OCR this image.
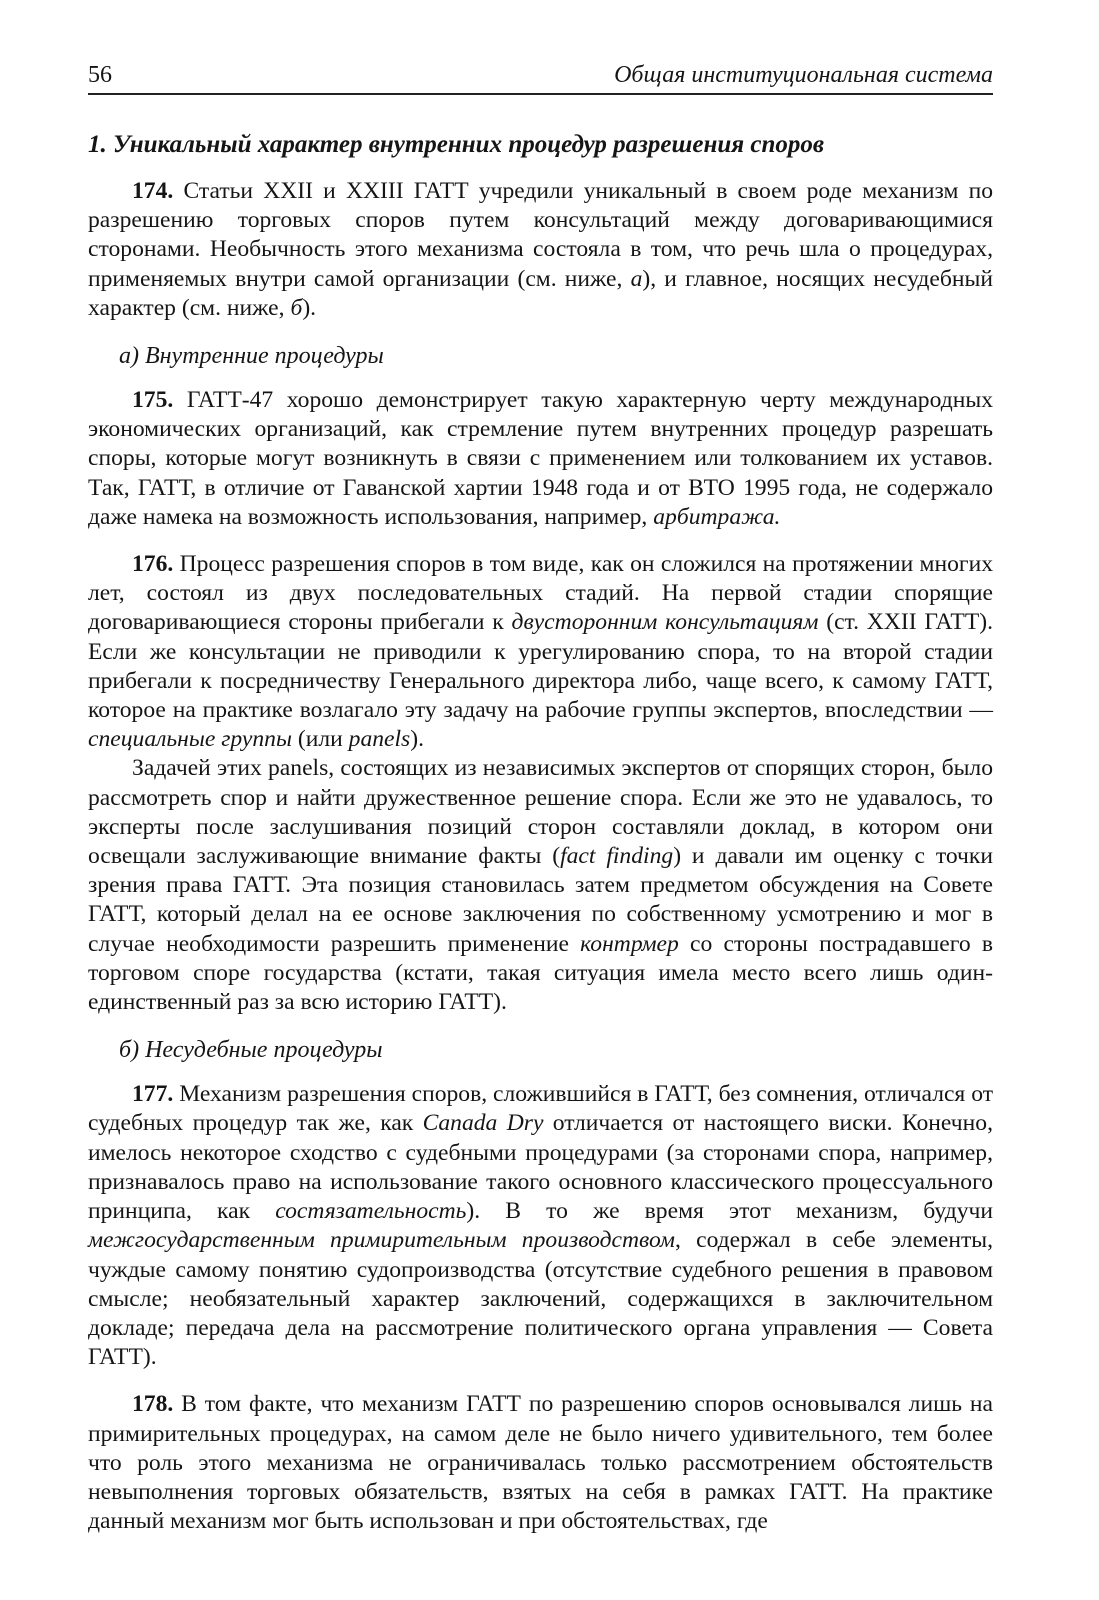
56	Общая институциональная система
1. Уникальный характер внутренних процедур разрешения споров

174. Статьи XXII и XXIII ГАТТ учредили уникальный в своем роде механизм по разрешению торговых споров путем консультаций между договаривающимися сторонами. Необычность этого механизма состояла в том, что речь шла о процедурах, применяемых внутри самой организации (см. ниже, а), и главное, носящих несудебный характер (см. ниже, б).

а) Внутренние процедуры

175. ГАТТ-47 хорошо демонстрирует такую характерную черту международных экономических организаций, как стремление путем внутренних процедур разрешать споры, которые могут возникнуть в связи с применением или толкованием их уставов. Так, ГАТТ, в отличие от Гаванской хартии 1948 года и от ВТО 1995 года, не содержало даже намека на возможность использования, например, арбитража.

176. Процесс разрешения споров в том виде, как он сложился на протяжении многих лет, состоял из двух последовательных стадий. На первой стадии спорящие договаривающиеся стороны прибегали к двусторонним консультациям (ст. XXII ГАТТ). Если же консультации не приводили к урегулированию спора, то на второй стадии прибегали к посредничеству Генерального директора либо, чаще всего, к самому ГАТТ, которое на практике возлагало эту задачу на рабочие группы экспертов, впоследствии — специальные группы (или panels).

Задачей этих panels, состоящих из независимых экспертов от спорящих сторон, было рассмотреть спор и найти дружественное решение спора. Если же это не удавалось, то эксперты после заслушивания позиций сторон составляли доклад, в котором они освещали заслуживающие внимание факты (fact finding) и давали им оценку с точки зрения права ГАТТ. Эта позиция становилась затем предметом обсуждения на Совете ГАТТ, который делал на ее основе заключения по собственному усмотрению и мог в случае необходимости разрешить применение контрмер со стороны пострадавшего в торговом споре государства (кстати, такая ситуация имела место всего лишь один-единственный раз за всю историю ГАТТ).

б) Несудебные процедуры

177. Механизм разрешения споров, сложившийся в ГАТТ, без сомнения, отличался от судебных процедур так же, как Canada Dry отличается от настоящего виски. Конечно, имелось некоторое сходство с судебными процедурами (за сторонами спора, например, признавалось право на использование такого основного классического процессуального принципа, как состязательность). В то же время этот механизм, будучи межгосударственным примирительным производством, содержал в себе элементы, чуждые самому понятию судопроизводства (отсутствие судебного решения в правовом смысле; необязательный характер заключений, содержащихся в заключительном докладе; передача дела на рассмотрение политического органа управления — Совета ГАТТ).

178. В том факте, что механизм ГАТТ по разрешению споров основывался лишь на примирительных процедурах, на самом деле не было ничего удивительного, тем более что роль этого механизма не ограничивалась только рассмотрением обстоятельств невыполнения торговых обязательств, взятых на себя в рамках ГАТТ. На практике данный механизм мог быть использован и при обстоятельствах, где
